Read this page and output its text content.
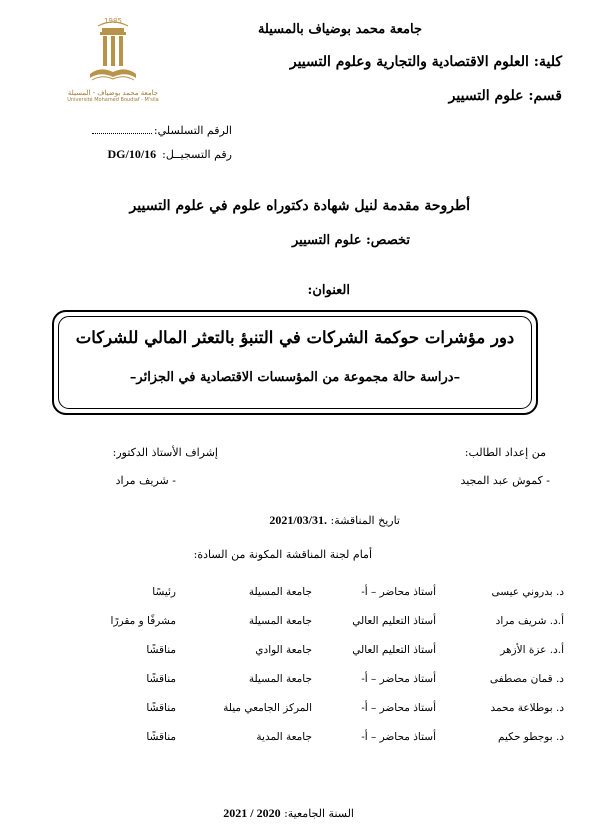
1985
جامعة محمد بوضياف - المسيلة
Université Mohamed Boudiaf - M'sila
جامعة محمد بوضياف بالمسيلة
كلية: العلوم الاقتصادية والتجارية وعلوم التسيير
قسم: علوم التسيير
الرقم التسلسلي:
رقم التسجيــل:DG/10/16
أطروحة مقدمة لنيل شهادة دكتوراه علوم في علوم التسيير
تخصص: علوم التسيير
العنوان:
دور مؤشرات حوكمة الشركات في التنبؤ بالتعثر المالي للشركات
–دراسة حالة مجموعة من المؤسسات الاقتصادية في الجزائر–
من إعداد الطالب:
- كموش عبد المجيد
إشراف الأستاذ الدكتور:
- شريف مراد
تاريخ المناقشة: 2021/03/31.
أمام لجنة المناقشة المكونة من السادة:
د. بدروني عيسى
أستاذ محاضر – أ-
جامعة المسيلة
رئيسًا
أ.د. شريف مراد
أستاذ التعليم العالي
جامعة المسيلة
مشرفًا و مقررًا
أ.د. عزة الأزهر
أستاذ التعليم العالي
جامعة الوادي
مناقشًا
د. قمان مصطفى
أستاذ محاضر – أ-
جامعة المسيلة
مناقشًا
د. بوطلاعة محمد
أستاذ محاضر – أ-
المركز الجامعي ميلة
مناقشًا
د. بوجطو حكيم
أستاذ محاضر – أ-
جامعة المدية
مناقشًا
السنة الجامعية: 2021 / 2020
